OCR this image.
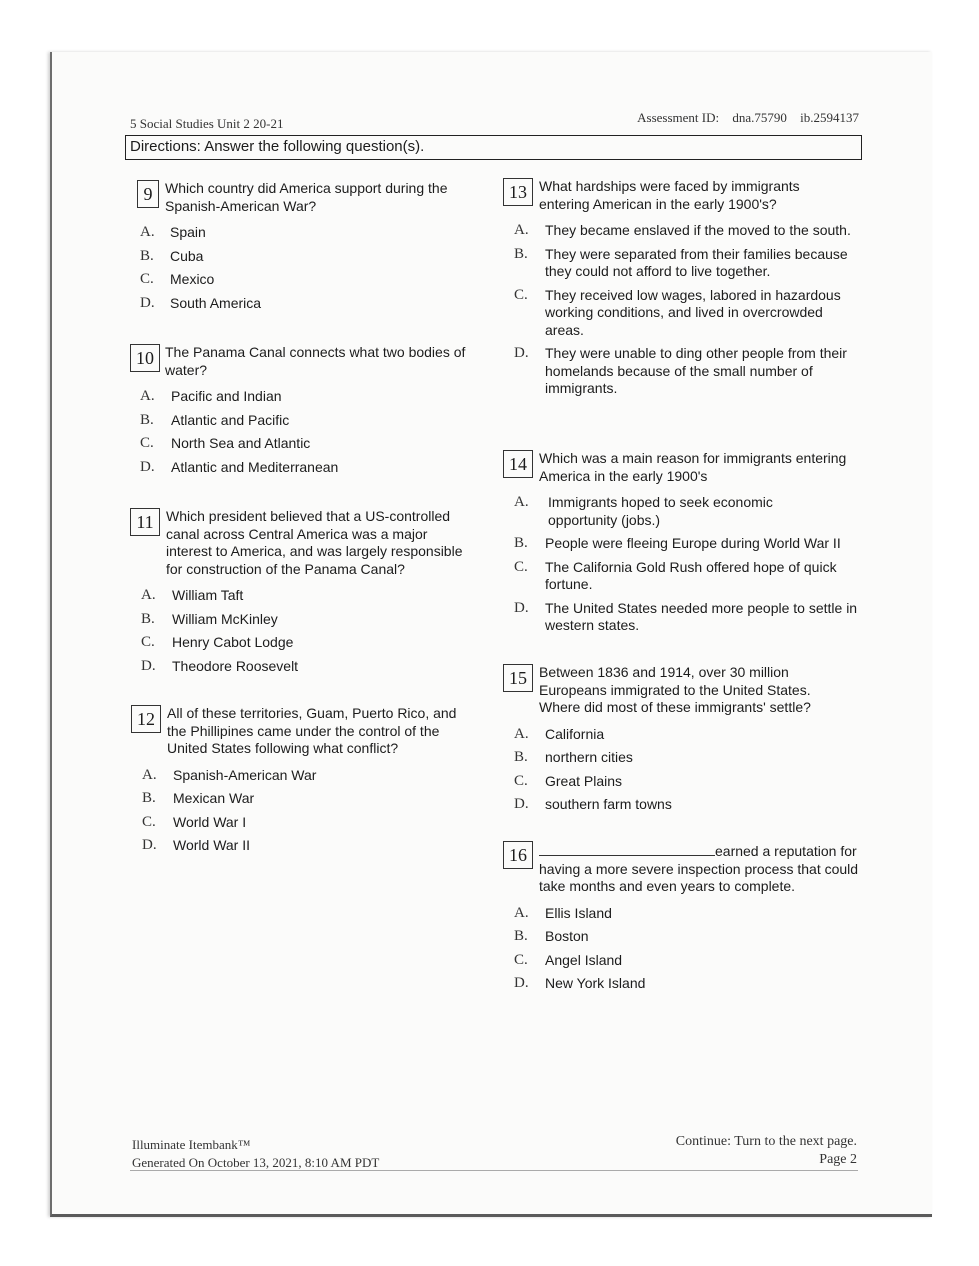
5 Social Studies Unit 2 20-21	Assessment ID: dna.75790 ib.2594137
Directions: Answer the following question(s).
9 Which country did America support during the Spanish-American War?
A. Spain
B. Cuba
C. Mexico
D. South America
10 The Panama Canal connects what two bodies of water?
A. Pacific and Indian
B. Atlantic and Pacific
C. North Sea and Atlantic
D. Atlantic and Mediterranean
11 Which president believed that a US-controlled canal across Central America was a major interest to America, and was largely responsible for construction of the Panama Canal?
A. William Taft
B. William McKinley
C. Henry Cabot Lodge
D. Theodore Roosevelt
12 All of these territories, Guam, Puerto Rico, and the Phillipines came under the control of the United States following what conflict?
A. Spanish-American War
B. Mexican War
C. World War I
D. World War II
13 What hardships were faced by immigrants entering American in the early 1900's?
A. They became enslaved if the moved to the south.
B. They were separated from their families because they could not afford to live together.
C. They received low wages, labored in hazardous working conditions, and lived in overcrowded areas.
D. They were unable to ding other people from their homelands because of the small number of immigrants.
14 Which was a main reason for immigrants entering America in the early 1900's
A. Immigrants hoped to seek economic opportunity (jobs.)
B. People were fleeing Europe during World War II
C. The California Gold Rush offered hope of quick fortune.
D. The United States needed more people to settle in western states.
15 Between 1836 and 1914, over 30 million Europeans immigrated to the United States. Where did most of these immigrants' settle?
A. California
B. northern cities
C. Great Plains
D. southern farm towns
16	earned a reputation for having a more severe inspection process that could take months and even years to complete.
A. Ellis Island
B. Boston
C. Angel Island
D. New York Island
Illuminate Itembank™
Generated On October 13, 2021, 8:10 AM PDT
Continue: Turn to the next page.
Page 2
